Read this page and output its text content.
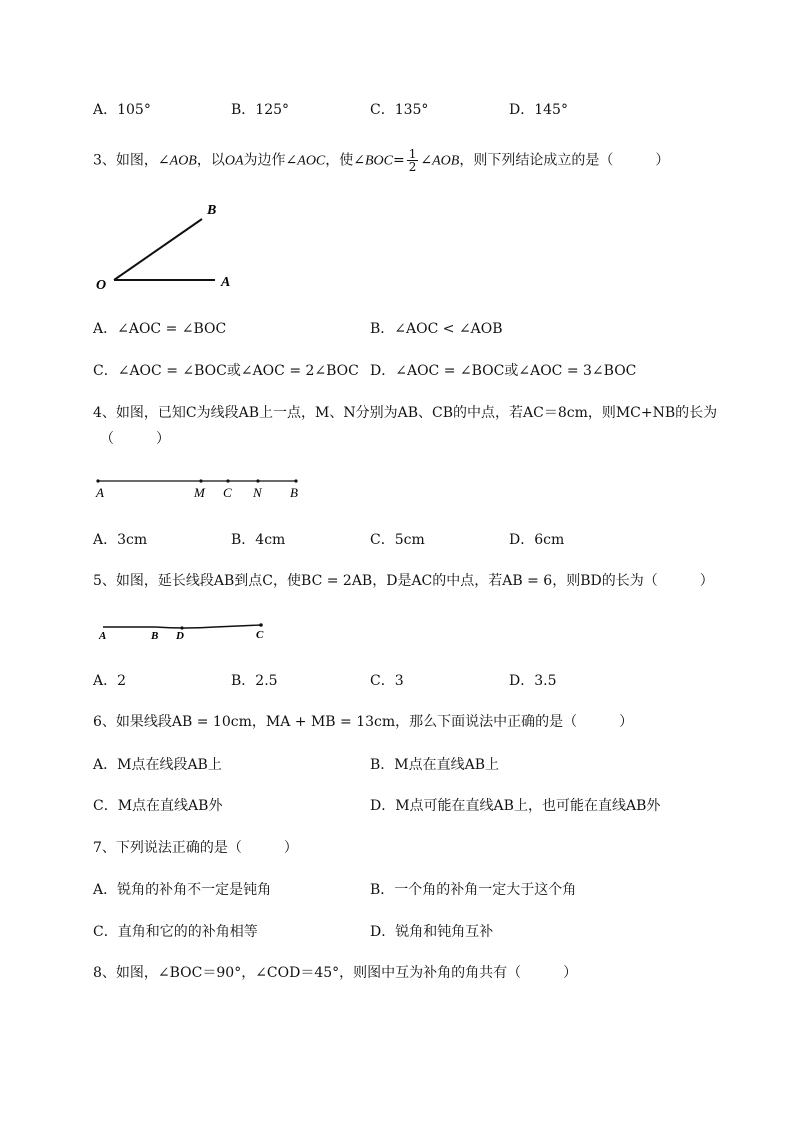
A．105°	B．125°	C．135°	D．145°
3、如图，∠AOB，以OA为边作∠AOC，使∠BOC= $\frac{1}{2}$ ∠AOB，则下列结论成立的是（　　　）
B
O	A
A．∠AOC = ∠BOC	B．∠AOC < ∠AOB
C．∠AOC = ∠BOC或∠AOC = 2∠BOC D．∠AOC = ∠BOC或∠AOC = 3∠BOC
4、如图，已知C为线段AB上一点，M、N分别为AB、CB的中点，若AC＝8cm，则MC+NB的长为
（　　　）
A	M C N B
A．3cm	B．4cm	C．5cm	D．6cm
5、如图，延长线段AB到点C，使BC = 2AB，D是AC的中点，若AB = 6，则BD的长为（　　　）
A	B D	C
A．2	B．2.5	C．3	D．3.5
6、如果线段AB = 10cm，MA + MB = 13cm，那么下面说法中正确的是（　　　）
A．M点在线段AB上	B．M点在直线AB上
C．M点在直线AB外	D．M点可能在直线AB上，也可能在直线AB外
7、下列说法正确的是（　　　）
A．锐角的补角不一定是钝角	B．一个角的补角一定大于这个角
C．直角和它的的补角相等	D．锐角和钝角互补
8、如图，∠BOC＝90°，∠COD＝45°，则图中互为补角的角共有（　　　）
